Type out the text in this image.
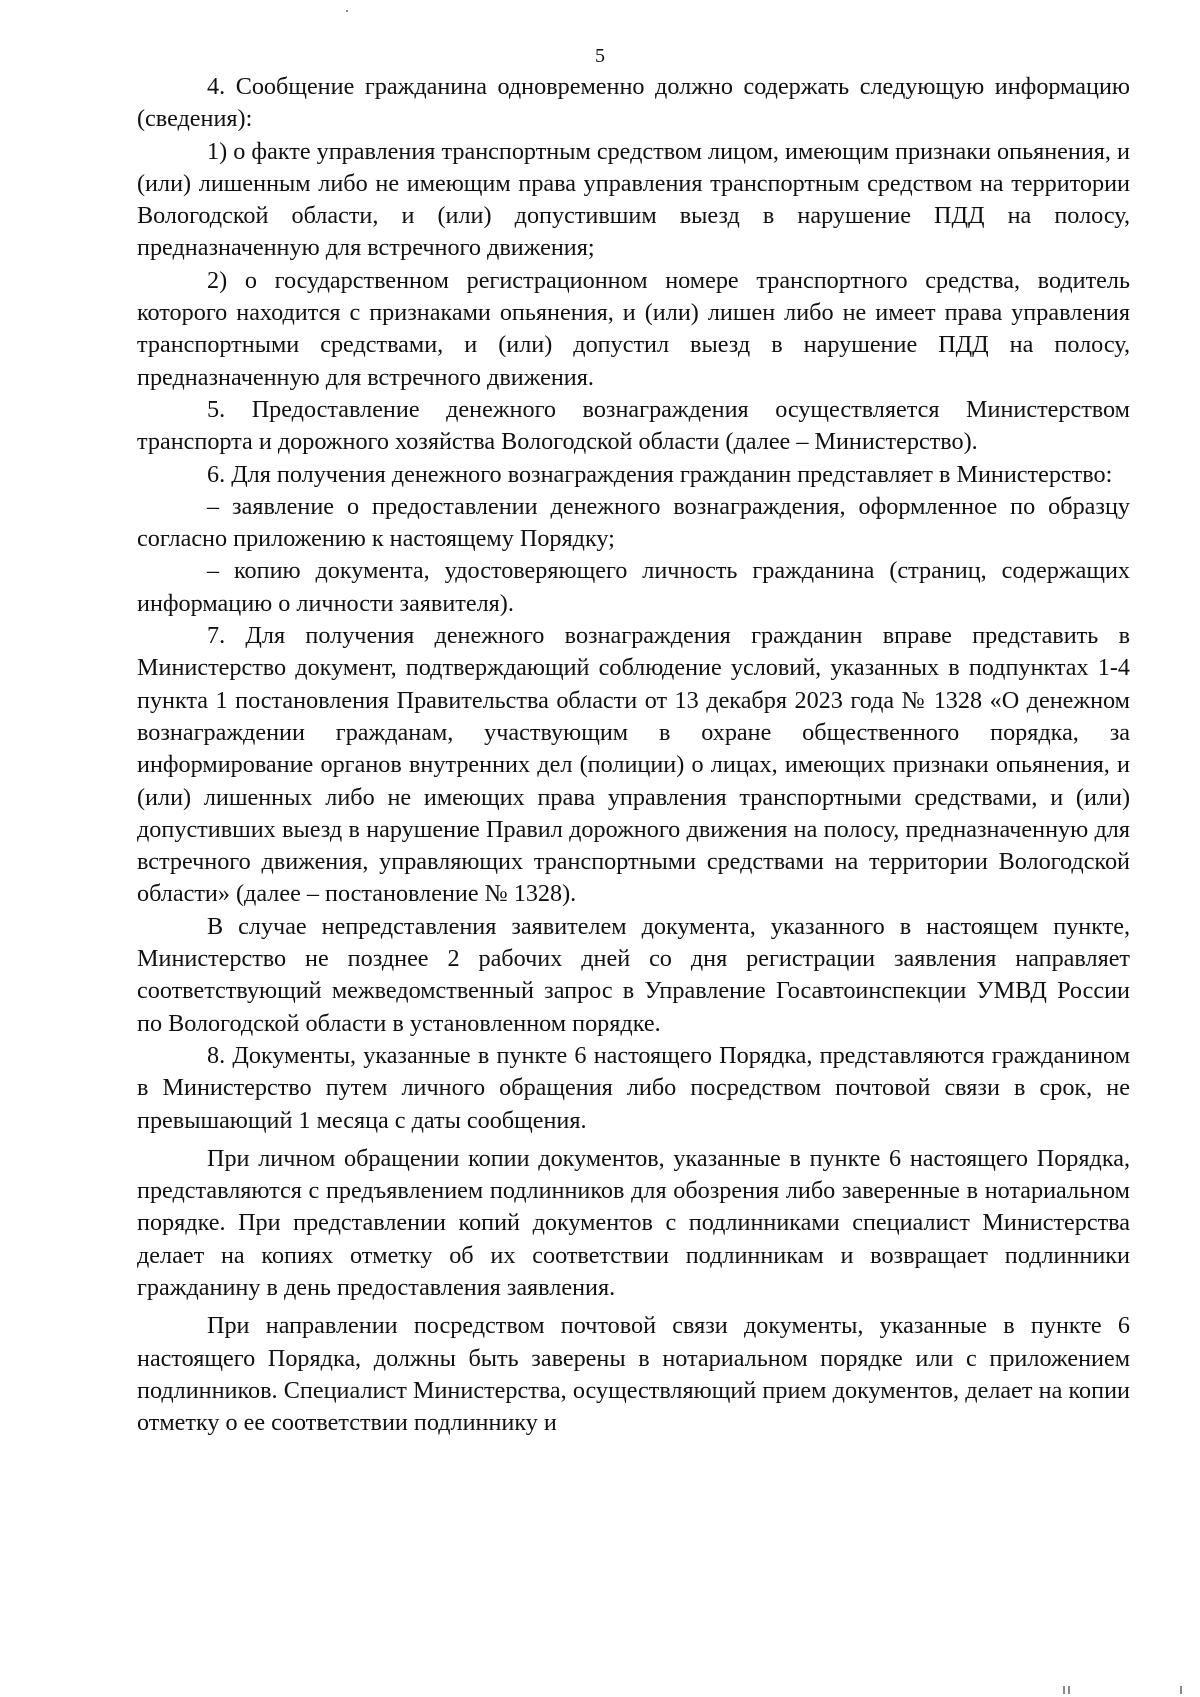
5

4. Сообщение гражданина одновременно должно содержать следующую информацию (сведения):

1) о факте управления транспортным средством лицом, имеющим признаки опьянения, и (или) лишенным либо не имеющим права управления транспортным средством на территории Вологодской области, и (или) допустившим выезд в нарушение ПДД на полосу, предназначенную для встречного движения;

2) о государственном регистрационном номере транспортного средства, водитель которого находится с признаками опьянения, и (или) лишен либо не имеет права управления транспортными средствами, и (или) допустил выезд в нарушение ПДД на полосу, предназначенную для встречного движения.

5. Предоставление денежного вознаграждения осуществляется Министерством транспорта и дорожного хозяйства Вологодской области (далее – Министерство).

6. Для получения денежного вознаграждения гражданин представляет в Министерство:

– заявление о предоставлении денежного вознаграждения, оформленное по образцу согласно приложению к настоящему Порядку;

– копию документа, удостоверяющего личность гражданина (страниц, содержащих информацию о личности заявителя).

7. Для получения денежного вознаграждения гражданин вправе представить в Министерство документ, подтверждающий соблюдение условий, указанных в подпунктах 1-4 пункта 1 постановления Правительства области от 13 декабря 2023 года № 1328 «О денежном вознаграждении гражданам, участвующим в охране общественного порядка, за информирование органов внутренних дел (полиции) о лицах, имеющих признаки опьянения, и (или) лишенных либо не имеющих права управления транспортными средствами, и (или) допустивших выезд в нарушение Правил дорожного движения на полосу, предназначенную для встречного движения, управляющих транспортными средствами на территории Вологодской области» (далее – постановление № 1328).

В случае непредставления заявителем документа, указанного в настоящем пункте, Министерство не позднее 2 рабочих дней со дня регистрации заявления направляет соответствующий межведомственный запрос в Управление Госавтоинспекции УМВД России по Вологодской области в установленном порядке.

8. Документы, указанные в пункте 6 настоящего Порядка, представляются гражданином в Министерство путем личного обращения либо посредством почтовой связи в срок, не превышающий 1 месяца с даты сообщения.

При личном обращении копии документов, указанные в пункте 6 настоящего Порядка, представляются с предъявлением подлинников для обозрения либо заверенные в нотариальном порядке. При представлении копий документов с подлинниками специалист Министерства делает на копиях отметку об их соответствии подлинникам и возвращает подлинники гражданину в день предоставления заявления.

При направлении посредством почтовой связи документы, указанные в пункте 6 настоящего Порядка, должны быть заверены в нотариальном порядке или с приложением подлинников. Специалист Министерства, осуществляющий прием документов, делает на копии отметку о ее соответствии подлиннику и
